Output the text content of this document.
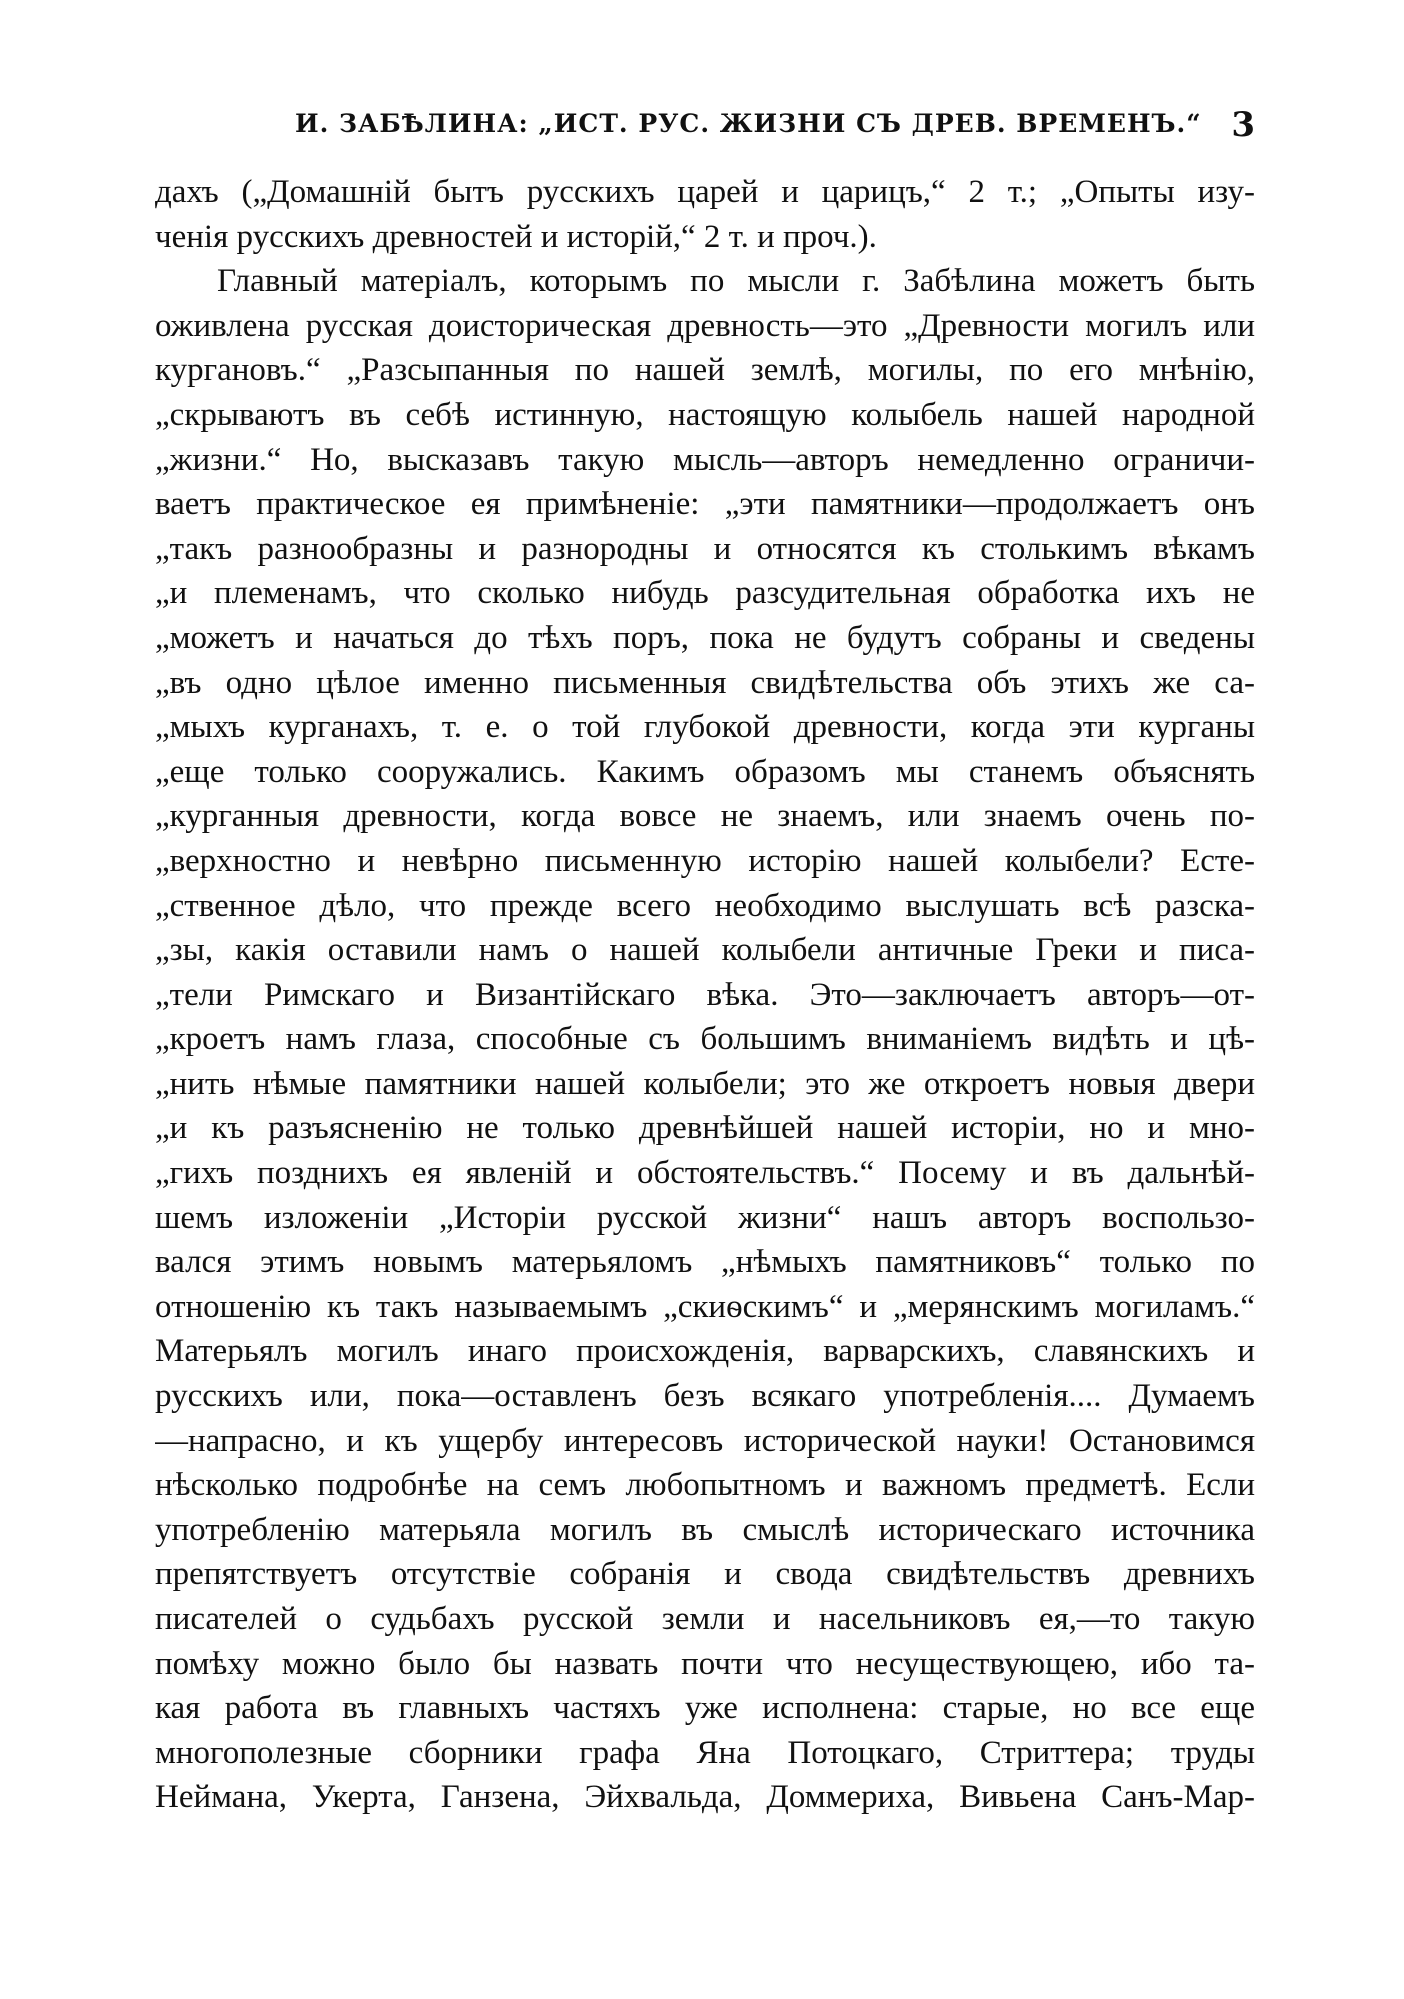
И. ЗАБѢЛИНА: „ИСТ. РУС. ЖИЗНИ СЪ ДРЕВ. ВРЕМЕНЪ.“ 3
дахъ („Домашній бытъ русскихъ царей и царицъ,“ 2 т.; „Опыты изу-
ченія русскихъ древностей и исторій,“ 2 т. и проч.).
Главный матеріалъ, которымъ по мысли г. Забѣлина можетъ быть
оживлена русская доисторическая древность—это „Древности могилъ или
кургановъ.“ „Разсыпанныя по нашей землѣ, могилы, по его мнѣнію,
„скрываютъ въ себѣ истинную, настоящую колыбель нашей народной
„жизни.“ Но, высказавъ такую мысль—авторъ немедленно ограничи-
ваетъ практическое ея примѣненіе: „эти памятники—продолжаетъ онъ
„такъ разнообразны и разнородны и относятся къ столькимъ вѣкамъ
„и племенамъ, что сколько нибудь разсудительная обработка ихъ не
„можетъ и начаться до тѣхъ поръ, пока не будутъ собраны и сведены
„въ одно цѣлое именно письменныя свидѣтельства объ этихъ же са-
„мыхъ курганахъ, т. е. о той глубокой древности, когда эти курганы
„еще только сооружались. Какимъ образомъ мы станемъ объяснять
„курганныя древности, когда вовсе не знаемъ, или знаемъ очень по-
„верхностно и невѣрно письменную исторію нашей колыбели? Есте-
„ственное дѣло, что прежде всего необходимо выслушать всѣ разска-
„зы, какія оставили намъ о нашей колыбели античные Греки и писа-
„тели Римскаго и Византійскаго вѣка. Это—заключаетъ авторъ—от-
„кроетъ намъ глаза, способные съ большимъ вниманіемъ видѣть и цѣ-
„нить нѣмые памятники нашей колыбели; это же откроетъ новыя двери
„и къ разъясненію не только древнѣйшей нашей исторіи, но и мно-
„гихъ позднихъ ея явленій и обстоятельствъ.“ Посему и въ дальнѣй-
шемъ изложеніи „Исторіи русской жизни“ нашъ авторъ воспользо-
вался этимъ новымъ матерьяломъ „нѣмыхъ памятниковъ“ только по
отношенію къ такъ называемымъ „скиѳскимъ“ и „мерянскимъ могиламъ.“
Матерьялъ могилъ инаго происхожденія, варварскихъ, славянскихъ и
русскихъ или, пока—оставленъ безъ всякаго употребленія.... Думаемъ
—напрасно, и къ ущербу интересовъ исторической науки! Остановимся
нѣсколько подробнѣе на семъ любопытномъ и важномъ предметѣ. Если
употребленію матерьяла могилъ въ смыслѣ историческаго источника
препятствуетъ отсутствіе собранія и свода свидѣтельствъ древнихъ
писателей о судьбахъ русской земли и насельниковъ ея,—то такую
помѣху можно было бы назвать почти что несуществующею, ибо та-
кая работа въ главныхъ частяхъ уже исполнена: старые, но все еще
многополезные сборники графа Яна Потоцкаго, Стриттера; труды
Неймана, Укерта, Ганзена, Эйхвальда, Доммериха, Вивьена Санъ-Мар-
